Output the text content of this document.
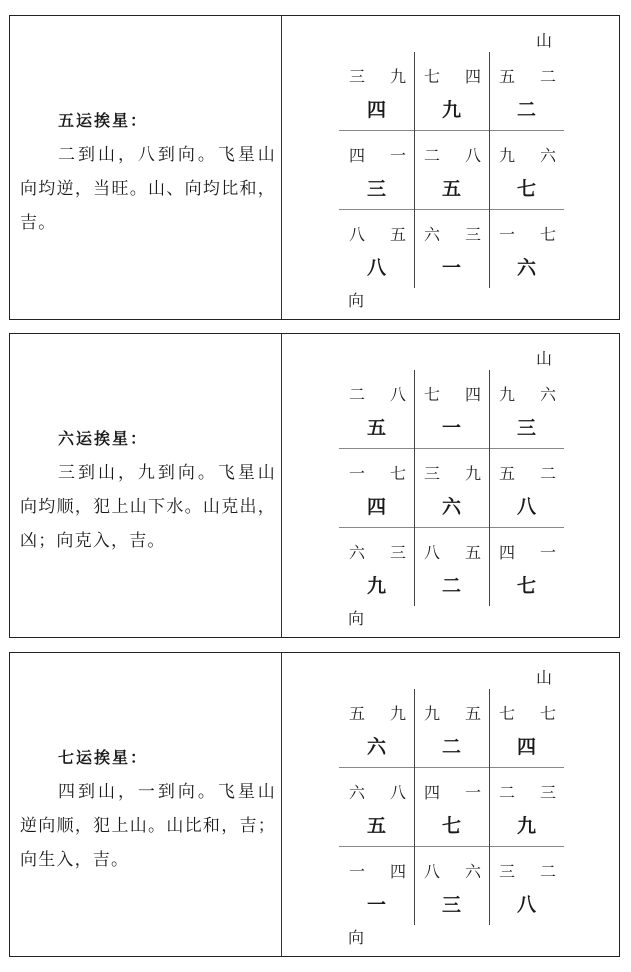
五运挨星：
二到山，八到向。飞星山向均逆，当旺。山、向均比和，吉。
山
三 九
四
七 四
九
五 二
二
四 一
三
二 八
五
九 六
七
八 五
八
六 三
一
一 七
六
向
六运挨星：
三到山，九到向。飞星山向均顺，犯上山下水。山克出，凶；向克入，吉。
山
二 八
五
七 四
一
九 六
三
一 七
四
三 九
六
五 二
八
六 三
九
八 五
二
四 一
七
向
七运挨星：
四到山，一到向。飞星山逆向顺，犯上山。山比和，吉；向生入，吉。
山
五 九
六
九 五
二
七 七
四
六 八
五
四 一
七
二 三
九
一 四
一
八 六
三
三 二
八
向
